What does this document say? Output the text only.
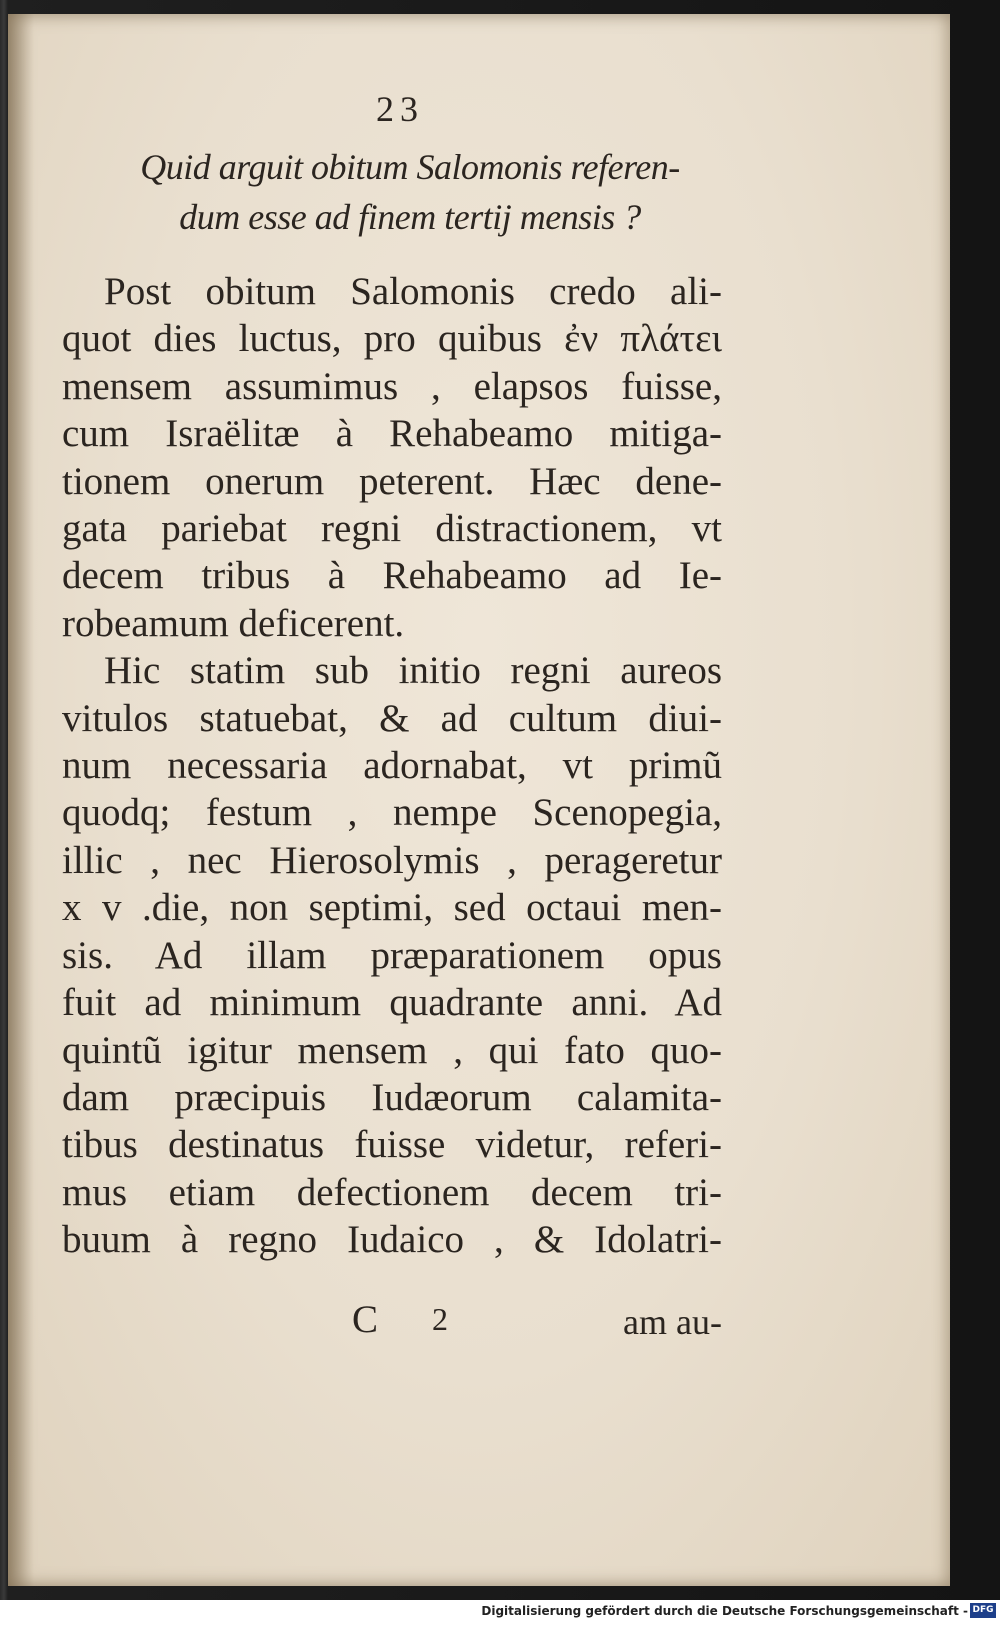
23
Quid arguit obitum Salomonis referen-
dum esse ad finem tertij mensis ?
Post obitum Salomonis credo ali-
quot dies luctus, pro quibus ἐν πλάτει
mensem assumimus , elapsos fuisse,
cum Israëlitæ à Rehabeamo mitiga-
tionem onerum peterent. Hæc dene-
gata pariebat regni distractionem, vt
decem tribus à Rehabeamo ad Ie-
robeamum deficerent.
Hic statim sub initio regni aureos
vitulos statuebat, & ad cultum diui-
num necessaria adornabat, vt primũ
quodq; festum , nempe Scenopegia,
illic , nec Hierosolymis , perageretur
x v .die, non septimi, sed octaui men-
sis. Ad illam præparationem opus
fuit ad minimum quadrante anni. Ad
quintũ igitur mensem , qui fato quo-
dam præcipuis Iudæorum calamita-
tibus destinatus fuisse videtur, referi-
mus etiam defectionem decem tri-
buum à regno Iudaico , & Idolatri-
C 2	am au-
Digitalisierung gefördert durch die Deutsche Forschungsgemeinschaft - DFG
